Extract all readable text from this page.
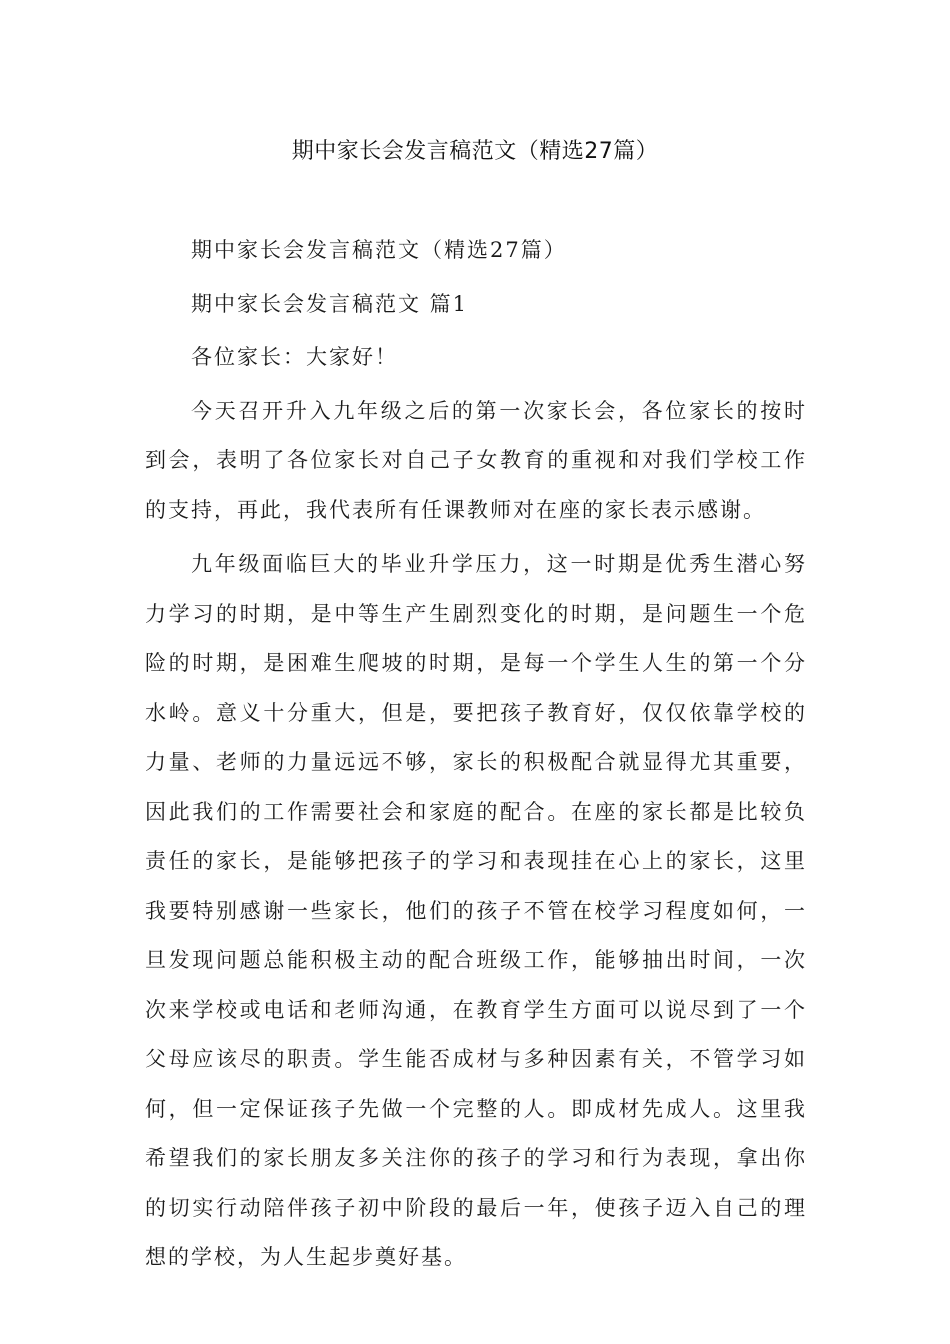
期中家长会发言稿范文（精选27篇）

期中家长会发言稿范文（精选27篇）

期中家长会发言稿范文 篇1

各位家长：大家好！

今天召开升入九年级之后的第一次家长会，各位家长的按时到会，表明了各位家长对自己子女教育的重视和对我们学校工作的支持，再此，我代表所有任课教师对在座的家长表示感谢。

九年级面临巨大的毕业升学压力，这一时期是优秀生潜心努力学习的时期，是中等生产生剧烈变化的时期，是问题生一个危险的时期，是困难生爬坡的时期，是每一个学生人生的第一个分水岭。意义十分重大，但是，要把孩子教育好，仅仅依靠学校的力量、老师的力量远远不够，家长的积极配合就显得尤其重要，因此我们的工作需要社会和家庭的配合。在座的家长都是比较负责任的家长，是能够把孩子的学习和表现挂在心上的家长，这里我要特别感谢一些家长，他们的孩子不管在校学习程度如何，一旦发现问题总能积极主动的配合班级工作，能够抽出时间，一次次来学校或电话和老师沟通，在教育学生方面可以说尽到了一个父母应该尽的职责。学生能否成材与多种因素有关，不管学习如何，但一定保证孩子先做一个完整的人。即成材先成人。这里我希望我们的家长朋友多关注你的孩子的学习和行为表现，拿出你的切实行动陪伴孩子初中阶段的最后一年，使孩子迈入自己的理想的学校，为人生起步奠好基。
